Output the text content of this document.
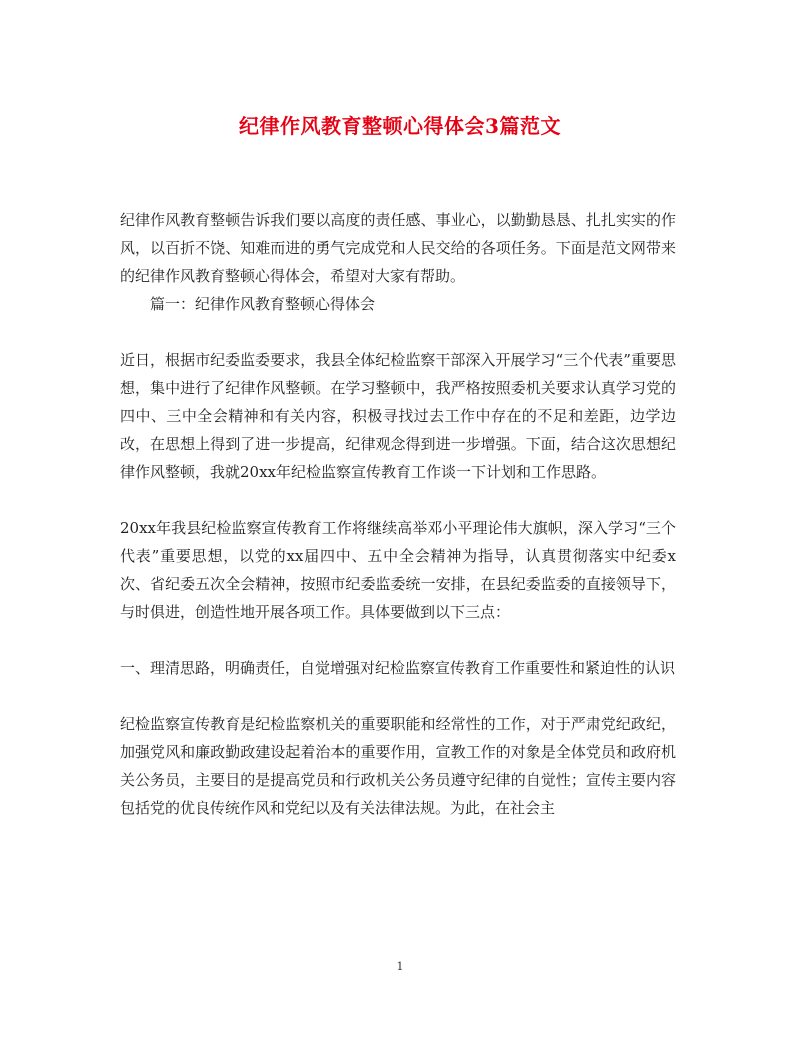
纪律作风教育整顿心得体会3篇范文

纪律作风教育整顿告诉我们要以高度的责任感、事业心，以勤勤恳恳、扎扎实实的作风，以百折不饶、知难而进的勇气完成党和人民交给的各项任务。下面是范文网带来的纪律作风教育整顿心得体会，希望对大家有帮助。

篇一：纪律作风教育整顿心得体会

近日，根据市纪委监委要求，我县全体纪检监察干部深入开展学习“三个代表”重要思想，集中进行了纪律作风整顿。在学习整顿中，我严格按照委机关要求认真学习党的四中、三中全会精神和有关内容，积极寻找过去工作中存在的不足和差距，边学边改，在思想上得到了进一步提高，纪律观念得到进一步增强。下面，结合这次思想纪律作风整顿，我就20xx年纪检监察宣传教育工作谈一下计划和工作思路。

20xx年我县纪检监察宣传教育工作将继续高举邓小平理论伟大旗帜，深入学习“三个代表”重要思想，以党的xx届四中、五中全会精神为指导，认真贯彻落实中纪委x次、省纪委五次全会精神，按照市纪委监委统一安排，在县纪委监委的直接领导下，与时俱进，创造性地开展各项工作。具体要做到以下三点：

一、理清思路，明确责任，自觉增强对纪检监察宣传教育工作重要性和紧迫性的认识

纪检监察宣传教育是纪检监察机关的重要职能和经常性的工作，对于严肃党纪政纪，加强党风和廉政勤政建设起着治本的重要作用，宣教工作的对象是全体党员和政府机关公务员，主要目的是提高党员和行政机关公务员遵守纪律的自觉性；宣传主要内容包括党的优良传统作风和党纪以及有关法律法规。为此，在社会主

1
